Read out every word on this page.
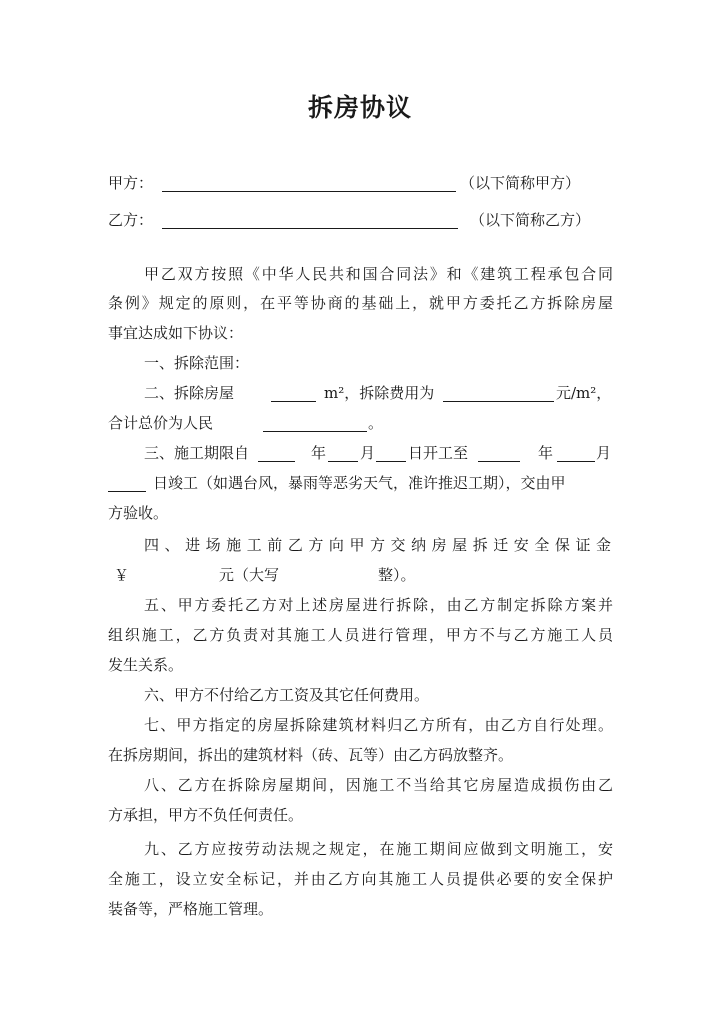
拆房协议
甲方：	（以下简称甲方）
乙方：	（以下简称乙方）
甲乙双方按照《中华人民共和国合同法》和《建筑工程承包合同
条例》规定的原则，在平等协商的基础上，就甲方委托乙方拆除房屋
事宜达成如下协议：
一、拆除范围：
二、拆除房屋	m²，拆除费用为	元/m²，
合计总价为人民	。
三、施工期限自	年 月 日开工至	年	月
日竣工（如遇台风，暴雨等恶劣天气，准许推迟工期），交由甲
方验收。
四、进场施工前乙方向甲方交纳房屋拆迁安全保证金
￥	元（大写	整）。
五、甲方委托乙方对上述房屋进行拆除，由乙方制定拆除方案并
组织施工，乙方负责对其施工人员进行管理，甲方不与乙方施工人员
发生关系。
六、甲方不付给乙方工资及其它任何费用。
七、甲方指定的房屋拆除建筑材料归乙方所有，由乙方自行处理。
在拆房期间，拆出的建筑材料（砖、瓦等）由乙方码放整齐。
八、乙方在拆除房屋期间，因施工不当给其它房屋造成损伤由乙
方承担，甲方不负任何责任。
九、乙方应按劳动法规之规定，在施工期间应做到文明施工，安
全施工，设立安全标记，并由乙方向其施工人员提供必要的安全保护
装备等，严格施工管理。
